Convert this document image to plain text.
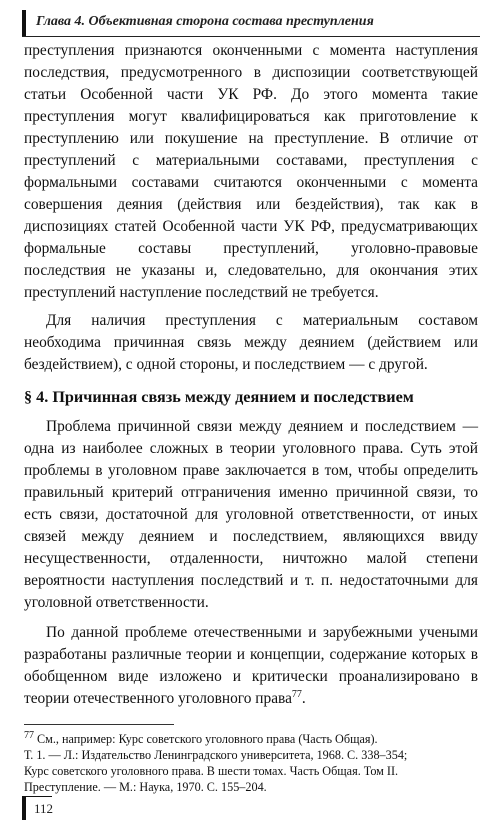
Глава 4. Объективная сторона состава преступления

преступления признаются оконченными с момента наступления последствия, предусмотренного в диспозиции соответствующей статьи Особенной части УК РФ. До этого момента такие преступления могут квалифицироваться как приготовление к преступлению или покушение на преступление. В отличие от преступлений с материальными составами, преступления с формальными составами считаются оконченными с момента совершения деяния (действия или бездействия), так как в диспозициях статей Особенной части УК РФ, предусматривающих формальные составы преступлений, уголовно-правовые последствия не указаны и, следовательно, для окончания этих преступлений наступление последствий не требуется.

Для наличия преступления с материальным составом необходима причинная связь между деянием (действием или бездействием), с одной стороны, и последствием — с другой.

§ 4. Причинная связь между деянием и последствием

Проблема причинной связи между деянием и последствием — одна из наиболее сложных в теории уголовного права. Суть этой проблемы в уголовном праве заключается в том, чтобы определить правильный критерий отграничения именно причинной связи, то есть связи, достаточной для уголовной ответственности, от иных связей между деянием и последствием, являющихся ввиду несущественности, отдаленности, ничтожно малой степени вероятности наступления последствий и т. п. недостаточными для уголовной ответственности.

По данной проблеме отечественными и зарубежными учеными разработаны различные теории и концепции, содержание которых в обобщенном виде изложено и критически проанализировано в теории отечественного уголовного права$^{77}$.

$^{77}$ См., например: Курс советского уголовного права (Часть Общая).
Т. 1. — Л.: Издательство Ленинградского университета, 1968. С. 338–354;
Курс советского уголовного права. В шести томах. Часть Общая. Том II.
Преступление. — М.: Наука, 1970. С. 155–204.
112
